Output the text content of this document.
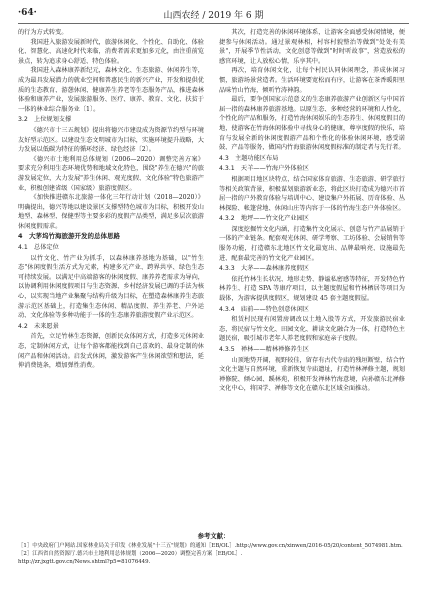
·64·	山西农经 / 2019 年 6 期

的行为方式转变。

我国进入旅游发展新时代，旅游休闲化、个性化、自助化、体验化、智慧化、高速化时代来临，消费者需求更加多元化，由注重前览景点，转为追求身心舒适、特色体验。

我国进入森林康养新纪元，森林文化、生态旅游、休闲养生等，成为最具发展潜力的就业空间和普惠民生的新兴产业，开发和提供优质的生态教育、游憩休闲、健康养生养老等生态服务产品，推进森林体验和康养产业，发展旅游服务、医疗、康养、教育、文化、扶贫于一体的林业综合服务业〔1〕。

3.2　上位规划支撑

《德兴市十三五规划》提出将德兴市建设成为资源节约型与环境友好型示范区。以建设生态文明城市为目标，实施环境提升战略，大力发展以低碳为特征的循环经济、绿色经济〔2〕。

《德兴市土地利用总体规划（2006—2020）调整完善方案》要求充分利用生态环境优势和地域文化特色，围绕"养生在德兴"的旅游发展定位，大力发展"养生休闲、观光度假、文化体验"特色旅游产业，积极创建省级（国家级）旅游度假区。

《加快推进赣东北旅游一体化三年行动计划（2018—2020）》明确提出，德兴等地以建设景区支撑型特色城市为目标，积极开发山地型、森林型、保健型等主要多彩的度假产品类型，满足多层次旅游休闲度假需求。

4　大茅坞竹海旅游开发的总体思路
4.1　总体定位

以竹文化、竹产业为抓手，以森林康养基地为基础，以"竹生态"休闲度假生活方式为元素，构建多元产业、跨界共享、绿色生态可持续发展。以满足中高端游客的休闲度假、康养养老需求为导向，以协调利用休闲度假项目与生态资源、乡村经济发展已调的手法为核心，以实现当地产业集聚与结构升级为目标，在塑造森林康养生态旅游示范区基础上，打造集生态休闲、精品度假、养生养老、户外运动、文化体验等多种功能于一体的生态康养旅游度假产业示范区。

4.2　未来愿景

首先，立足竹林生态资源，创新民众体闲方式，打造多元休闲业态，定制休闲方式，让每个游客都能找到自己喜欢的、最身定制的休闲产品和休闲活动。启发式休闲，激发游客产生休闲欲望和想法，延伸消费链条，增加弹性消费。

其次，打造完善的休闲环境体系，让游客全面感受休闲情境，便捷参与休闲活动。通过景观林相，村容村貌整治等做到"处处有美景"，开展季节性活动，文化创意等做到"时时听故事"，营造放松的感官环境，让人放松心情，乐享其中。

再次，培育休闲文化，让每个村民认同休闲理念，养成休闲习惯，旅游场景营造者。生活环境要宽松而有序，让游客在茶香暖阳里品味竹山竹海，倾听竹涛神韵。

最后，要争创国家示范意义的生态康养旅游产业创新区与中国首届一指的森林康养旅游基地。以原生态、多种经营的环境和人性化、个性化的产品和服务，打造竹海休闲娱乐的生态养生、休闲度假目的地，使游客在竹海休闲体验中寻找身心的健康，尊享度假的快乐，培育与发展全新的休闲度假游产品和个性化的体验休闲环境，感受诺鼓、产品等服务，做国内竹海旅游休闲度假标准的制定者与先行者。

4.3　主题功能区布局
4.3.1　天羊——竹海户外体验区

根据项目地区块特点，结合国家体育旅游、生态旅游、研学旅行等相关政策背景，积极谋划旅游新业态，将此区块打造成为德兴市首屈一指的户外教育体验与培训中心、建设集户外拓展、历奇体验、丛林探险、帐篷营地、休闲山庄等内容于一体的竹海生态户外体验区。

4.3.2　地坪——竹文化产业园区

深度挖掘竹文化内涵，打造集竹文化展示、创意与竹产品展销于一体的产业链条。配套观光休闲、研学考察、工坊体验、会展销售等服务功能，打造赣东北地区竹文化最宽出、品牌最响亮、设施最先进、配套最完善的竹文化产业园区。

4.3.3　大茅——森林康养度假区

依托竹林生长状况、地形走势、静谧私密感等特征，开发特色竹林养生、打造 SPA 等康疗项目，以主题度假屋和竹林栖居等项目为载体，为游客提供度假区，规划建设 45 套主题度假屋。

4.3.4　庙前——特色创意休闲区

租赁村民现有闲置房调改以土地入股等方式，开发旅游民宿业态，将民宿与竹文化、田园文化、耕读文化融合为一体，打造特色主题民宿，吸引城市老年人养老度假和家庭亲子度假。

4.3.5　禅林——精林禅修养生区

山顶地势开阔，视野较佳，留存有古代寺庙的残垣断壁，结合竹文化主题与自然环境，重新恢复寺庙遗址，打造竹林禅修主题，规划禅修院、倾心园、蹊林苑，积极开发禅林竹海意境，向孙赣东北禅修文化中心，将国学、禅修等文化在赣东北区域全面推动。

参考文献：

［1］中央政府门户网站.国家林业局关于印发《林业发展"十三五"规划》的通知［EB/OL］.http://www.gov.cn/xinwen/2016-05/20/content_5074981.htm.

［2］江西省自然资源厅.德兴市土地利用总体规划（2006—2020）调整完善方案［EB/OL］.

http://zr.jxgtt.gov.cn/News.shtml?p5=81076449.
